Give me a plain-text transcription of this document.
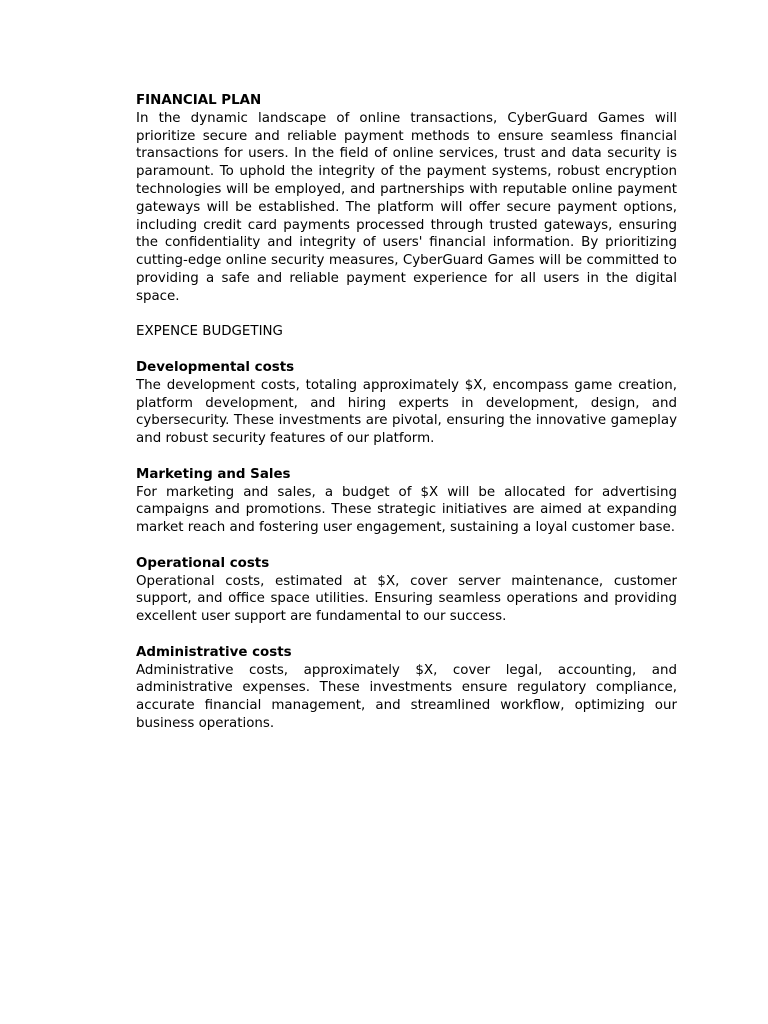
FINANCIAL PLAN

In the dynamic landscape of online transactions, CyberGuard Games will prioritize secure and reliable payment methods to ensure seamless financial transactions for users. In the field of online services, trust and data security is paramount. To uphold the integrity of the payment systems, robust encryption technologies will be employed, and partnerships with reputable online payment gateways will be established. The platform will offer secure payment options, including credit card payments processed through trusted gateways, ensuring the confidentiality and integrity of users' financial information. By prioritizing cutting-edge online security measures, CyberGuard Games will be committed to providing a safe and reliable payment experience for all users in the digital space.

EXPENCE BUDGETING

Developmental costs

The development costs, totaling approximately $X, encompass game creation, platform development, and hiring experts in development, design, and cybersecurity. These investments are pivotal, ensuring the innovative gameplay and robust security features of our platform.

Marketing and Sales

For marketing and sales, a budget of $X will be allocated for advertising campaigns and promotions. These strategic initiatives are aimed at expanding market reach and fostering user engagement, sustaining a loyal customer base.

Operational costs

Operational costs, estimated at $X, cover server maintenance, customer support, and office space utilities. Ensuring seamless operations and providing excellent user support are fundamental to our success.

Administrative costs

Administrative costs, approximately $X, cover legal, accounting, and administrative expenses. These investments ensure regulatory compliance, accurate financial management, and streamlined workflow, optimizing our business operations.
